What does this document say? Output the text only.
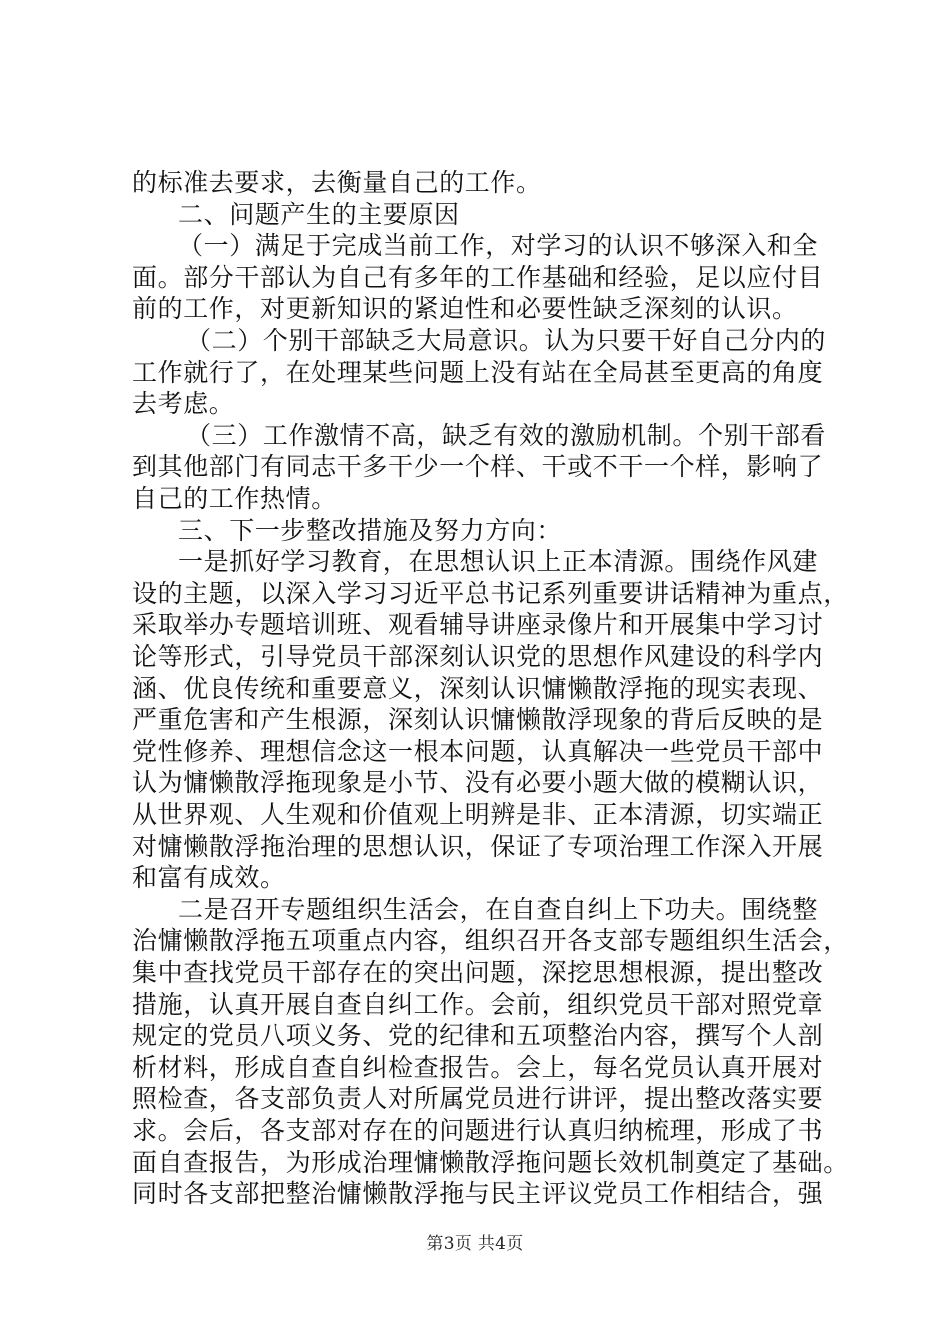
的标准去要求，去衡量自己的工作。
二、问题产生的主要原因
（一）满足于完成当前工作，对学习的认识不够深入和全
面。部分干部认为自己有多年的工作基础和经验，足以应付目
前的工作，对更新知识的紧迫性和必要性缺乏深刻的认识。
（二）个别干部缺乏大局意识。认为只要干好自己分内的
工作就行了，在处理某些问题上没有站在全局甚至更高的角度
去考虑。
（三）工作激情不高，缺乏有效的激励机制。个别干部看
到其他部门有同志干多干少一个样、干或不干一个样，影响了
自己的工作热情。
三、下一步整改措施及努力方向：
一是抓好学习教育，在思想认识上正本清源。围绕作风建
设的主题，以深入学习习近平总书记系列重要讲话精神为重点，
采取举办专题培训班、观看辅导讲座录像片和开展集中学习讨
论等形式，引导党员干部深刻认识党的思想作风建设的科学内
涵、优良传统和重要意义，深刻认识慵懒散浮拖的现实表现、
严重危害和产生根源，深刻认识慵懒散浮现象的背后反映的是
党性修养、理想信念这一根本问题，认真解决一些党员干部中
认为慵懒散浮拖现象是小节、没有必要小题大做的模糊认识，
从世界观、人生观和价值观上明辨是非、正本清源，切实端正
对慵懒散浮拖治理的思想认识，保证了专项治理工作深入开展
和富有成效。
二是召开专题组织生活会，在自查自纠上下功夫。围绕整
治慵懒散浮拖五项重点内容，组织召开各支部专题组织生活会，
集中查找党员干部存在的突出问题，深挖思想根源，提出整改
措施，认真开展自查自纠工作。会前，组织党员干部对照党章
规定的党员八项义务、党的纪律和五项整治内容，撰写个人剖
析材料，形成自查自纠检查报告。会上，每名党员认真开展对
照检查，各支部负责人对所属党员进行讲评，提出整改落实要
求。会后，各支部对存在的问题进行认真归纳梳理，形成了书
面自查报告，为形成治理慵懒散浮拖问题长效机制奠定了基础。
同时各支部把整治慵懒散浮拖与民主评议党员工作相结合，强
第3页 共4页
